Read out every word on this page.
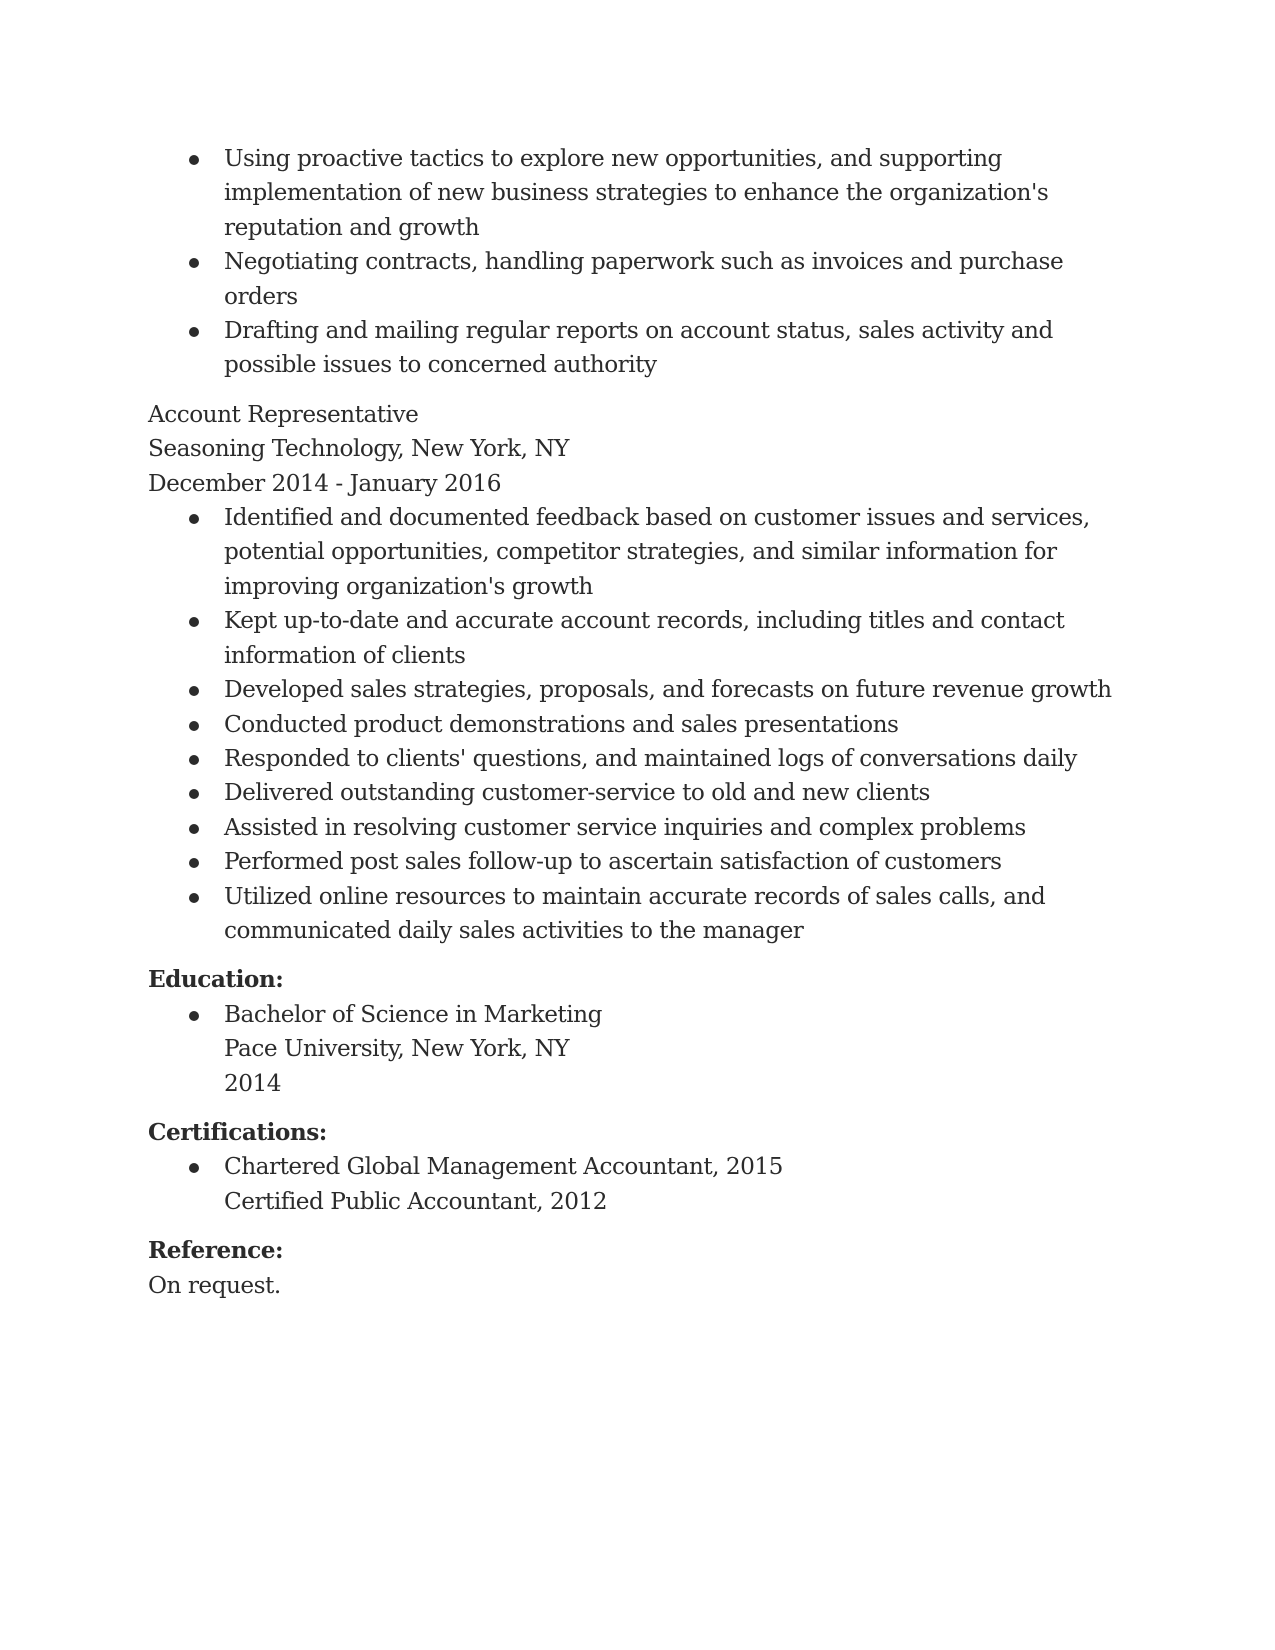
Using proactive tactics to explore new opportunities, and supporting implementation of new business strategies to enhance the organization's reputation and growth
Negotiating contracts, handling paperwork such as invoices and purchase orders
Drafting and mailing regular reports on account status, sales activity and possible issues to concerned authority
Account Representative
Seasoning Technology, New York, NY
December 2014 - January 2016
Identified and documented feedback based on customer issues and services, potential opportunities, competitor strategies, and similar information for improving organization's growth
Kept up-to-date and accurate account records, including titles and contact information of clients
Developed sales strategies, proposals, and forecasts on future revenue growth
Conducted product demonstrations and sales presentations
Responded to clients' questions, and maintained logs of conversations daily
Delivered outstanding customer-service to old and new clients
Assisted in resolving customer service inquiries and complex problems
Performed post sales follow-up to ascertain satisfaction of customers
Utilized online resources to maintain accurate records of sales calls, and communicated daily sales activities to the manager
Education:
Bachelor of Science in Marketing
Pace University, New York, NY
2014
Certifications:
Chartered Global Management Accountant, 2015
Certified Public Accountant, 2012
Reference:
On request.
